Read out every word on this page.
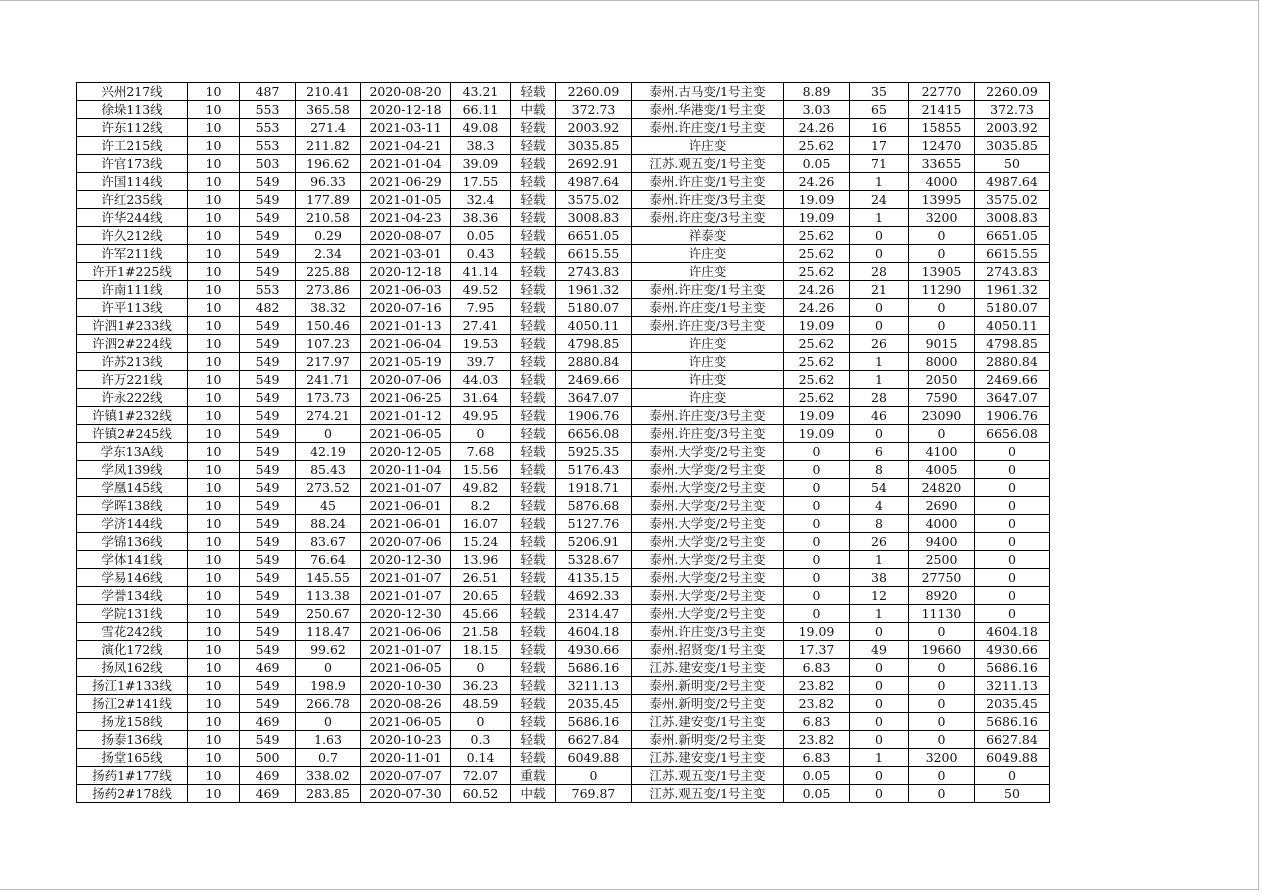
兴州217线	10	487	210.41	2020-08-20	43.21	轻载	2260.09	泰州.古马变/1号主变	8.89	35	22770	2260.09
徐垛113线	10	553	365.58	2020-12-18	66.11	中载	372.73	泰州.华港变/1号主变	3.03	65	21415	372.73
许东112线	10	553	271.4	2021-03-11	49.08	轻载	2003.92	泰州.许庄变/1号主变	24.26	16	15855	2003.92
许工215线	10	553	211.82	2021-04-21	38.3	轻载	3035.85	许庄变	25.62	17	12470	3035.85
许官173线	10	503	196.62	2021-01-04	39.09	轻载	2692.91	江苏.观五变/1号主变	0.05	71	33655	50
许国114线	10	549	96.33	2021-06-29	17.55	轻载	4987.64	泰州.许庄变/1号主变	24.26	1	4000	4987.64
许红235线	10	549	177.89	2021-01-05	32.4	轻载	3575.02	泰州.许庄变/3号主变	19.09	24	13995	3575.02
许华244线	10	549	210.58	2021-04-23	38.36	轻载	3008.83	泰州.许庄变/3号主变	19.09	1	3200	3008.83
许久212线	10	549	0.29	2020-08-07	0.05	轻载	6651.05	祥泰变	25.62	0	0	6651.05
许军211线	10	549	2.34	2021-03-01	0.43	轻载	6615.55	许庄变	25.62	0	0	6615.55
许开1#225线	10	549	225.88	2020-12-18	41.14	轻载	2743.83	许庄变	25.62	28	13905	2743.83
许南111线	10	553	273.86	2021-06-03	49.52	轻载	1961.32	泰州.许庄变/1号主变	24.26	21	11290	1961.32
许平113线	10	482	38.32	2020-07-16	7.95	轻载	5180.07	泰州.许庄变/1号主变	24.26	0	0	5180.07
许泗1#233线	10	549	150.46	2021-01-13	27.41	轻载	4050.11	泰州.许庄变/3号主变	19.09	0	0	4050.11
许泗2#224线	10	549	107.23	2021-06-04	19.53	轻载	4798.85	许庄变	25.62	26	9015	4798.85
许苏213线	10	549	217.97	2021-05-19	39.7	轻载	2880.84	许庄变	25.62	1	8000	2880.84
许万221线	10	549	241.71	2020-07-06	44.03	轻载	2469.66	许庄变	25.62	1	2050	2469.66
许永222线	10	549	173.73	2021-06-25	31.64	轻载	3647.07	许庄变	25.62	28	7590	3647.07
许镇1#232线	10	549	274.21	2021-01-12	49.95	轻载	1906.76	泰州.许庄变/3号主变	19.09	46	23090	1906.76
许镇2#245线	10	549	0	2021-06-05	0	轻载	6656.08	泰州.许庄变/3号主变	19.09	0	0	6656.08
学东13A线	10	549	42.19	2020-12-05	7.68	轻载	5925.35	泰州.大学变/2号主变	0	6	4100	0
学凤139线	10	549	85.43	2020-11-04	15.56	轻载	5176.43	泰州.大学变/2号主变	0	8	4005	0
学凰145线	10	549	273.52	2021-01-07	49.82	轻载	1918.71	泰州.大学变/2号主变	0	54	24820	0
学晖138线	10	549	45	2021-06-01	8.2	轻载	5876.68	泰州.大学变/2号主变	0	4	2690	0
学济144线	10	549	88.24	2021-06-01	16.07	轻载	5127.76	泰州.大学变/2号主变	0	8	4000	0
学锦136线	10	549	83.67	2020-07-06	15.24	轻载	5206.91	泰州.大学变/2号主变	0	26	9400	0
学体141线	10	549	76.64	2020-12-30	13.96	轻载	5328.67	泰州.大学变/2号主变	0	1	2500	0
学易146线	10	549	145.55	2021-01-07	26.51	轻载	4135.15	泰州.大学变/2号主变	0	38	27750	0
学誉134线	10	549	113.38	2021-01-07	20.65	轻载	4692.33	泰州.大学变/2号主变	0	12	8920	0
学院131线	10	549	250.67	2020-12-30	45.66	轻载	2314.47	泰州.大学变/2号主变	0	1	11130	0
雪花242线	10	549	118.47	2021-06-06	21.58	轻载	4604.18	泰州.许庄变/3号主变	19.09	0	0	4604.18
演化172线	10	549	99.62	2021-01-07	18.15	轻载	4930.66	泰州.招贤变/1号主变	17.37	49	19660	4930.66
扬凤162线	10	469	0	2021-06-05	0	轻载	5686.16	江苏.建安变/1号主变	6.83	0	0	5686.16
扬江1#133线	10	549	198.9	2020-10-30	36.23	轻载	3211.13	泰州.新明变/2号主变	23.82	0	0	3211.13
扬江2#141线	10	549	266.78	2020-08-26	48.59	轻载	2035.45	泰州.新明变/2号主变	23.82	0	0	2035.45
扬龙158线	10	469	0	2021-06-05	0	轻载	5686.16	江苏.建安变/1号主变	6.83	0	0	5686.16
扬泰136线	10	549	1.63	2020-10-23	0.3	轻载	6627.84	泰州.新明变/2号主变	23.82	0	0	6627.84
扬堂165线	10	500	0.7	2020-11-01	0.14	轻载	6049.88	江苏.建安变/1号主变	6.83	1	3200	6049.88
扬药1#177线	10	469	338.02	2020-07-07	72.07	重载	0	江苏.观五变/1号主变	0.05	0	0	0
扬药2#178线	10	469	283.85	2020-07-30	60.52	中载	769.87	江苏.观五变/1号主变	0.05	0	0	50
